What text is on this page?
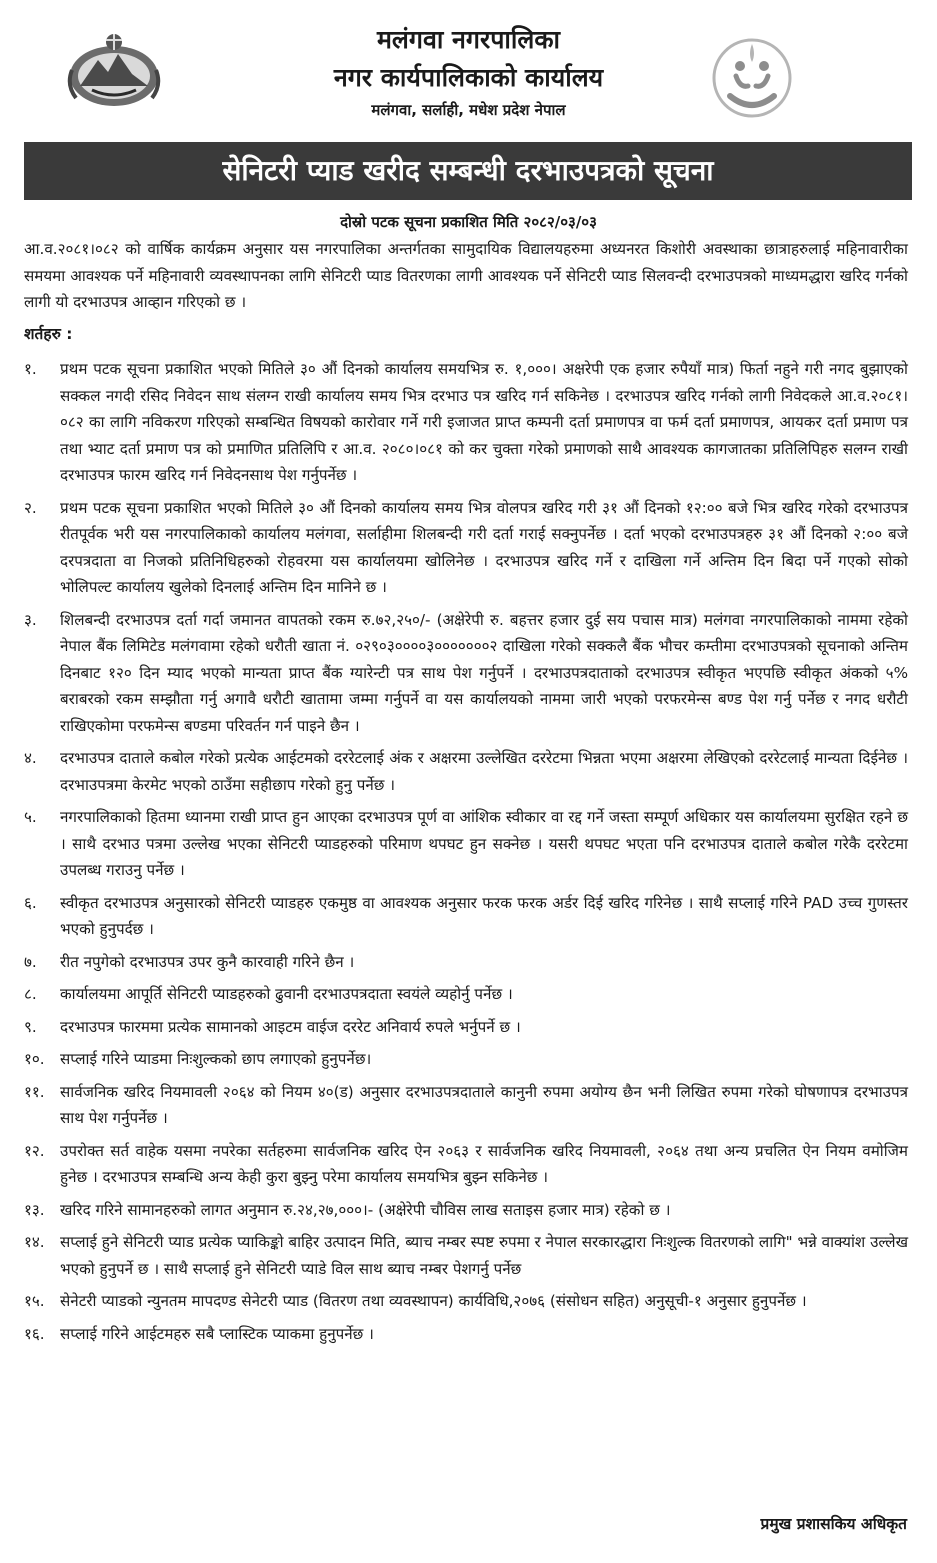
मलंगवा नगरपालिका
नगर कार्यपालिकाको कार्यालय
मलंगवा, सर्लाही, मधेश प्रदेश नेपाल
सेनिटरी प्याड खरीद सम्बन्धी दरभाउपत्रको सूचना
दोस्रो पटक सूचना प्रकाशित मिति २०८२/०३/०३
आ.व.२०८१।०८२ को वार्षिक कार्यक्रम अनुसार यस नगरपालिका अन्तर्गतका सामुदायिक विद्यालयहरुमा अध्यनरत किशोरी अवस्थाका छात्राहरुलाई महिनावारीका समयमा आवश्यक पर्ने महिनावारी व्यवस्थापनका लागि सेनिटरी प्याड वितरणका लागी आवश्यक पर्ने सेनिटरी प्याड सिलवन्दी दरभाउपत्रको माध्यमद्धारा खरिद गर्नको लागी यो दरभाउपत्र आव्हान गरिएको छ ।
शर्तहरु :
१.	प्रथम पटक सूचना प्रकाशित भएको मितिले ३० औं दिनको कार्यालय समयभित्र रु. १,०००। अक्षरेपी एक हजार रुपैयाँ मात्र) फिर्ता नहुने गरी नगद बुझाएको सक्कल नगदी रसिद निवेदन साथ संलग्न राखी कार्यालय समय भित्र दरभाउ पत्र खरिद गर्न सकिनेछ । दरभाउपत्र खरिद गर्नको लागी निवेदकले आ.व.२०८१।०८२ का लागि नविकरण गरिएको सम्बन्धित विषयको कारोवार गर्ने गरी इजाजत प्राप्त कम्पनी दर्ता प्रमाणपत्र वा फर्म दर्ता प्रमाणपत्र, आयकर दर्ता प्रमाण पत्र तथा भ्याट दर्ता प्रमाण पत्र को प्रमाणित प्रतिलिपि र आ.व. २०८०।०८१ को कर चुक्ता गरेको प्रमाणको साथै आवश्यक कागजातका प्रतिलिपिहरु सलग्न राखी दरभाउपत्र फारम खरिद गर्न निवेदनसाथ पेश गर्नुपर्नेछ ।
२.	प्रथम पटक सूचना प्रकाशित भएको मितिले ३० औं दिनको कार्यालय समय भित्र वोलपत्र खरिद गरी ३१ औं दिनको १२:०० बजे भित्र खरिद गरेको दरभाउपत्र रीतपूर्वक भरी यस नगरपालिकाको कार्यालय मलंगवा, सर्लाहीमा शिलबन्दी गरी दर्ता गराई सक्नुपर्नेछ । दर्ता भएको दरभाउपत्रहरु ३१ औं दिनको २:०० बजे दरपत्रदाता वा निजको प्रतिनिधिहरुको रोहवरमा यस कार्यालयमा खोलिनेछ । दरभाउपत्र खरिद गर्ने र दाखिला गर्ने अन्तिम दिन बिदा पर्ने गएको सोको भोलिपल्ट कार्यालय खुलेको दिनलाई अन्तिम दिन मानिने छ ।
३.	शिलबन्दी दरभाउपत्र दर्ता गर्दा जमानत वापतको रकम रु.७२,२५०/- (अक्षेरेपी रु. बहत्तर हजार दुई सय पचास मात्र) मलंगवा नगरपालिकाको नाममा रहेको नेपाल बैंक लिमिटेड मलंगवामा रहेको धरौती खाता नं. ०२९०३००००३०००००००२ दाखिला गरेको सक्कलै बैंक भौचर कम्तीमा दरभाउपत्रको सूचनाको अन्तिम दिनबाट १२० दिन म्याद भएको मान्यता प्राप्त बैंक ग्यारेन्टी पत्र साथ पेश गर्नुपर्ने । दरभाउपत्रदाताको दरभाउपत्र स्वीकृत भएपछि स्वीकृत अंकको ५% बराबरको रकम सम्झौता गर्नु अगावै धरौटी खातामा जम्मा गर्नुपर्ने वा यस कार्यालयको नाममा जारी भएको परफरमेन्स बण्ड पेश गर्नु पर्नेछ र नगद धरौटी राखिएकोमा परफमेन्स बण्डमा परिवर्तन गर्न पाइने छैन ।
४.	दरभाउपत्र दाताले कबोल गरेको प्रत्येक आईटमको दररेटलाई अंक र अक्षरमा उल्लेखित दररेटमा भिन्नता भएमा अक्षरमा लेखिएको दररेटलाई मान्यता दिईनेछ । दरभाउपत्रमा केरमेट भएको ठाउँमा सहीछाप गरेको हुनु पर्नेछ ।
५.	नगरपालिकाको हितमा ध्यानमा राखी प्राप्त हुन आएका दरभाउपत्र पूर्ण वा आंशिक स्वीकार वा रद्द गर्ने जस्ता सम्पूर्ण अधिकार यस कार्यालयमा सुरक्षित रहने छ । साथै दरभाउ पत्रमा उल्लेख भएका सेनिटरी प्याडहरुको परिमाण थपघट हुन सक्नेछ । यसरी थपघट भएता पनि दरभाउपत्र दाताले कबोल गरेकै दररेटमा उपलब्ध गराउनु पर्नेछ ।
६.	स्वीकृत दरभाउपत्र अनुसारको सेनिटरी प्याडहरु एकमुष्ठ वा आवश्यक अनुसार फरक फरक अर्डर दिई खरिद गरिनेछ । साथै सप्लाई गरिने PAD उच्च गुणस्तर भएको हुनुपर्दछ ।
७.	रीत नपुगेको दरभाउपत्र उपर कुनै कारवाही गरिने छैन ।
८.	कार्यालयमा आपूर्ति सेनिटरी प्याडहरुको ढुवानी दरभाउपत्रदाता स्वयंले व्यहोर्नु पर्नेछ ।
९.	दरभाउपत्र फारममा प्रत्येक सामानको आइटम वाईज दररेट अनिवार्य रुपले भर्नुपर्ने छ ।
१०.	सप्लाई गरिने प्याडमा निःशुल्कको छाप लगाएको हुनुपर्नेछ।
११.	सार्वजनिक खरिद नियमावली २०६४ को नियम ४०(ड) अनुसार दरभाउपत्रदाताले कानुनी रुपमा अयोग्य छैन भनी लिखित रुपमा गरेको घोषणापत्र दरभाउपत्र साथ पेश गर्नुपर्नेछ ।
१२.	उपरोक्त सर्त वाहेक यसमा नपरेका सर्तहरुमा सार्वजनिक खरिद ऐन २०६३ र सार्वजनिक खरिद नियमावली, २०६४ तथा अन्य प्रचलित ऐन नियम वमोजिम हुनेछ । दरभाउपत्र सम्बन्धि अन्य केही कुरा बुझ्नु परेमा कार्यालय समयभित्र बुझ्न सकिनेछ ।
१३.	खरिद गरिने सामानहरुको लागत अनुमान रु.२४,२७,०००।- (अक्षेरेपी चौविस लाख सताइस हजार मात्र) रहेको छ ।
१४.	सप्लाई हुने सेनिटरी प्याड प्रत्येक प्याकिङ्को बाहिर उत्पादन मिति, ब्याच नम्बर स्पष्ट रुपमा र नेपाल सरकारद्धारा निःशुल्क वितरणको लागि" भन्ने वाक्यांश उल्लेख भएको हुनुपर्ने छ । साथै सप्लाई हुने सेनिटरी प्याडे विल साथ ब्याच नम्बर पेशगर्नु पर्नेछ
१५.	सेनेटरी प्याडको न्युनतम मापदण्ड सेनेटरी प्याड (वितरण तथा व्यवस्थापन) कार्यविधि,२०७६ (संसोधन सहित) अनुसूची-१ अनुसार हुनुपर्नेछ ।
१६.	सप्लाई गरिने आईटमहरु सबै प्लास्टिक प्याकमा हुनुपर्नेछ ।
प्रमुख प्रशासकिय अधिकृत
